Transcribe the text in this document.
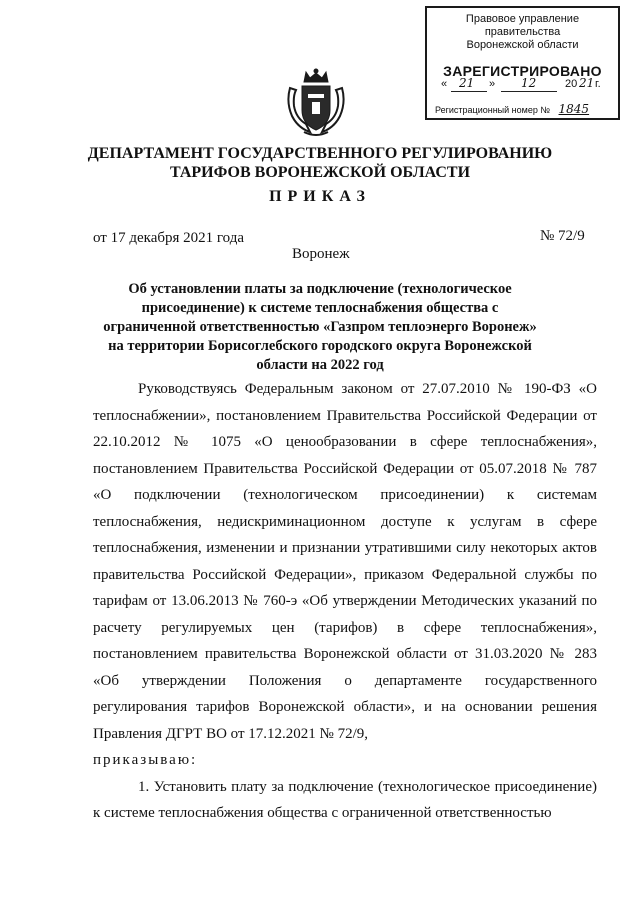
Правовое управление правительства
Воронежской области
ЗАРЕГИСТРИРОВАНО
« 21 » 12	20 21 г.
Регистрационный номер № 1845
ДЕПАРТАМЕНТ ГОСУДАРСТВЕННОГО РЕГУЛИРОВАНИЮ
ТАРИФОВ ВОРОНЕЖСКОЙ ОБЛАСТИ
ПРИКАЗ
от 17 декабря 2021 года	№ 72/9
Воронеж
Об установлении платы за подключение (технологическое присоединение) к системе теплоснабжения общества с ограниченной ответственностью «Газпром теплоэнерго Воронеж» на территории Борисоглебского городского округа Воронежской области на 2022 год

Руководствуясь Федеральным законом от 27.07.2010 № 190-ФЗ «О теплоснабжении», постановлением Правительства Российской Федерации от 22.10.2012 № 1075 «О ценообразовании в сфере теплоснабжения», постановлением Правительства Российской Федерации от 05.07.2018 № 787 «О подключении (технологическом присоединении) к системам теплоснабжения, недискриминационном доступе к услугам в сфере теплоснабжения, изменении и признании утратившими силу некоторых актов правительства Российской Федерации», приказом Федеральной службы по тарифам от 13.06.2013 № 760-э «Об утверждении Методических указаний по расчету регулируемых цен (тарифов) в сфере теплоснабжения», постановлением правительства Воронежской области от 31.03.2020 № 283 «Об утверждении Положения о департаменте государственного регулирования тарифов Воронежской области», и на основании решения Правления ДГРТ ВО от 17.12.2021 № 72/9,

приказываю:

1. Установить плату за подключение (технологическое присоединение) к системе теплоснабжения общества с ограниченной ответственностью
